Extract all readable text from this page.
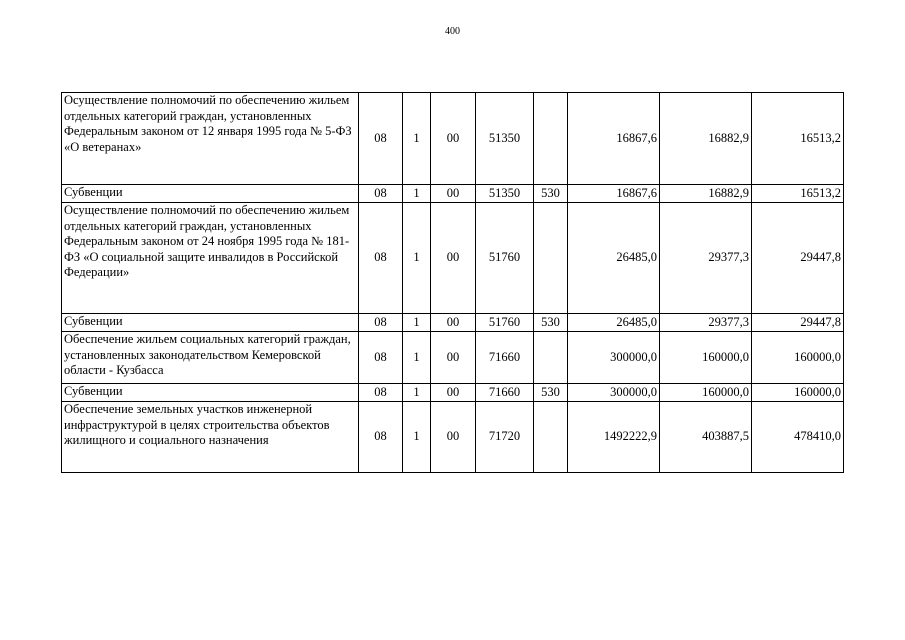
400
Осуществление полномочий по обеспечению жильем отдельных категорий граждан, установленных Федеральным законом от 12 января 1995 года № 5-ФЗ «О ветеранах»	08	1	00	51350		16867,6	16882,9	16513,2
Субвенции	08	1	00	51350	530	16867,6	16882,9	16513,2
Осуществление полномочий по обеспечению жильем отдельных категорий граждан, установленных Федеральным законом от 24 ноября 1995 года № 181-ФЗ «О социальной защите инвалидов в Российской Федерации»	08	1	00	51760		26485,0	29377,3	29447,8
Субвенции	08	1	00	51760	530	26485,0	29377,3	29447,8
Обеспечение жильем социальных категорий граждан, установленных законодательством Кемеровской области - Кузбасса	08	1	00	71660		300000,0	160000,0	160000,0
Субвенции	08	1	00	71660	530	300000,0	160000,0	160000,0
Обеспечение земельных участков инженерной инфраструктурой в целях строительства объектов жилищного и социального назначения	08	1	00	71720		1492222,9	403887,5	478410,0
